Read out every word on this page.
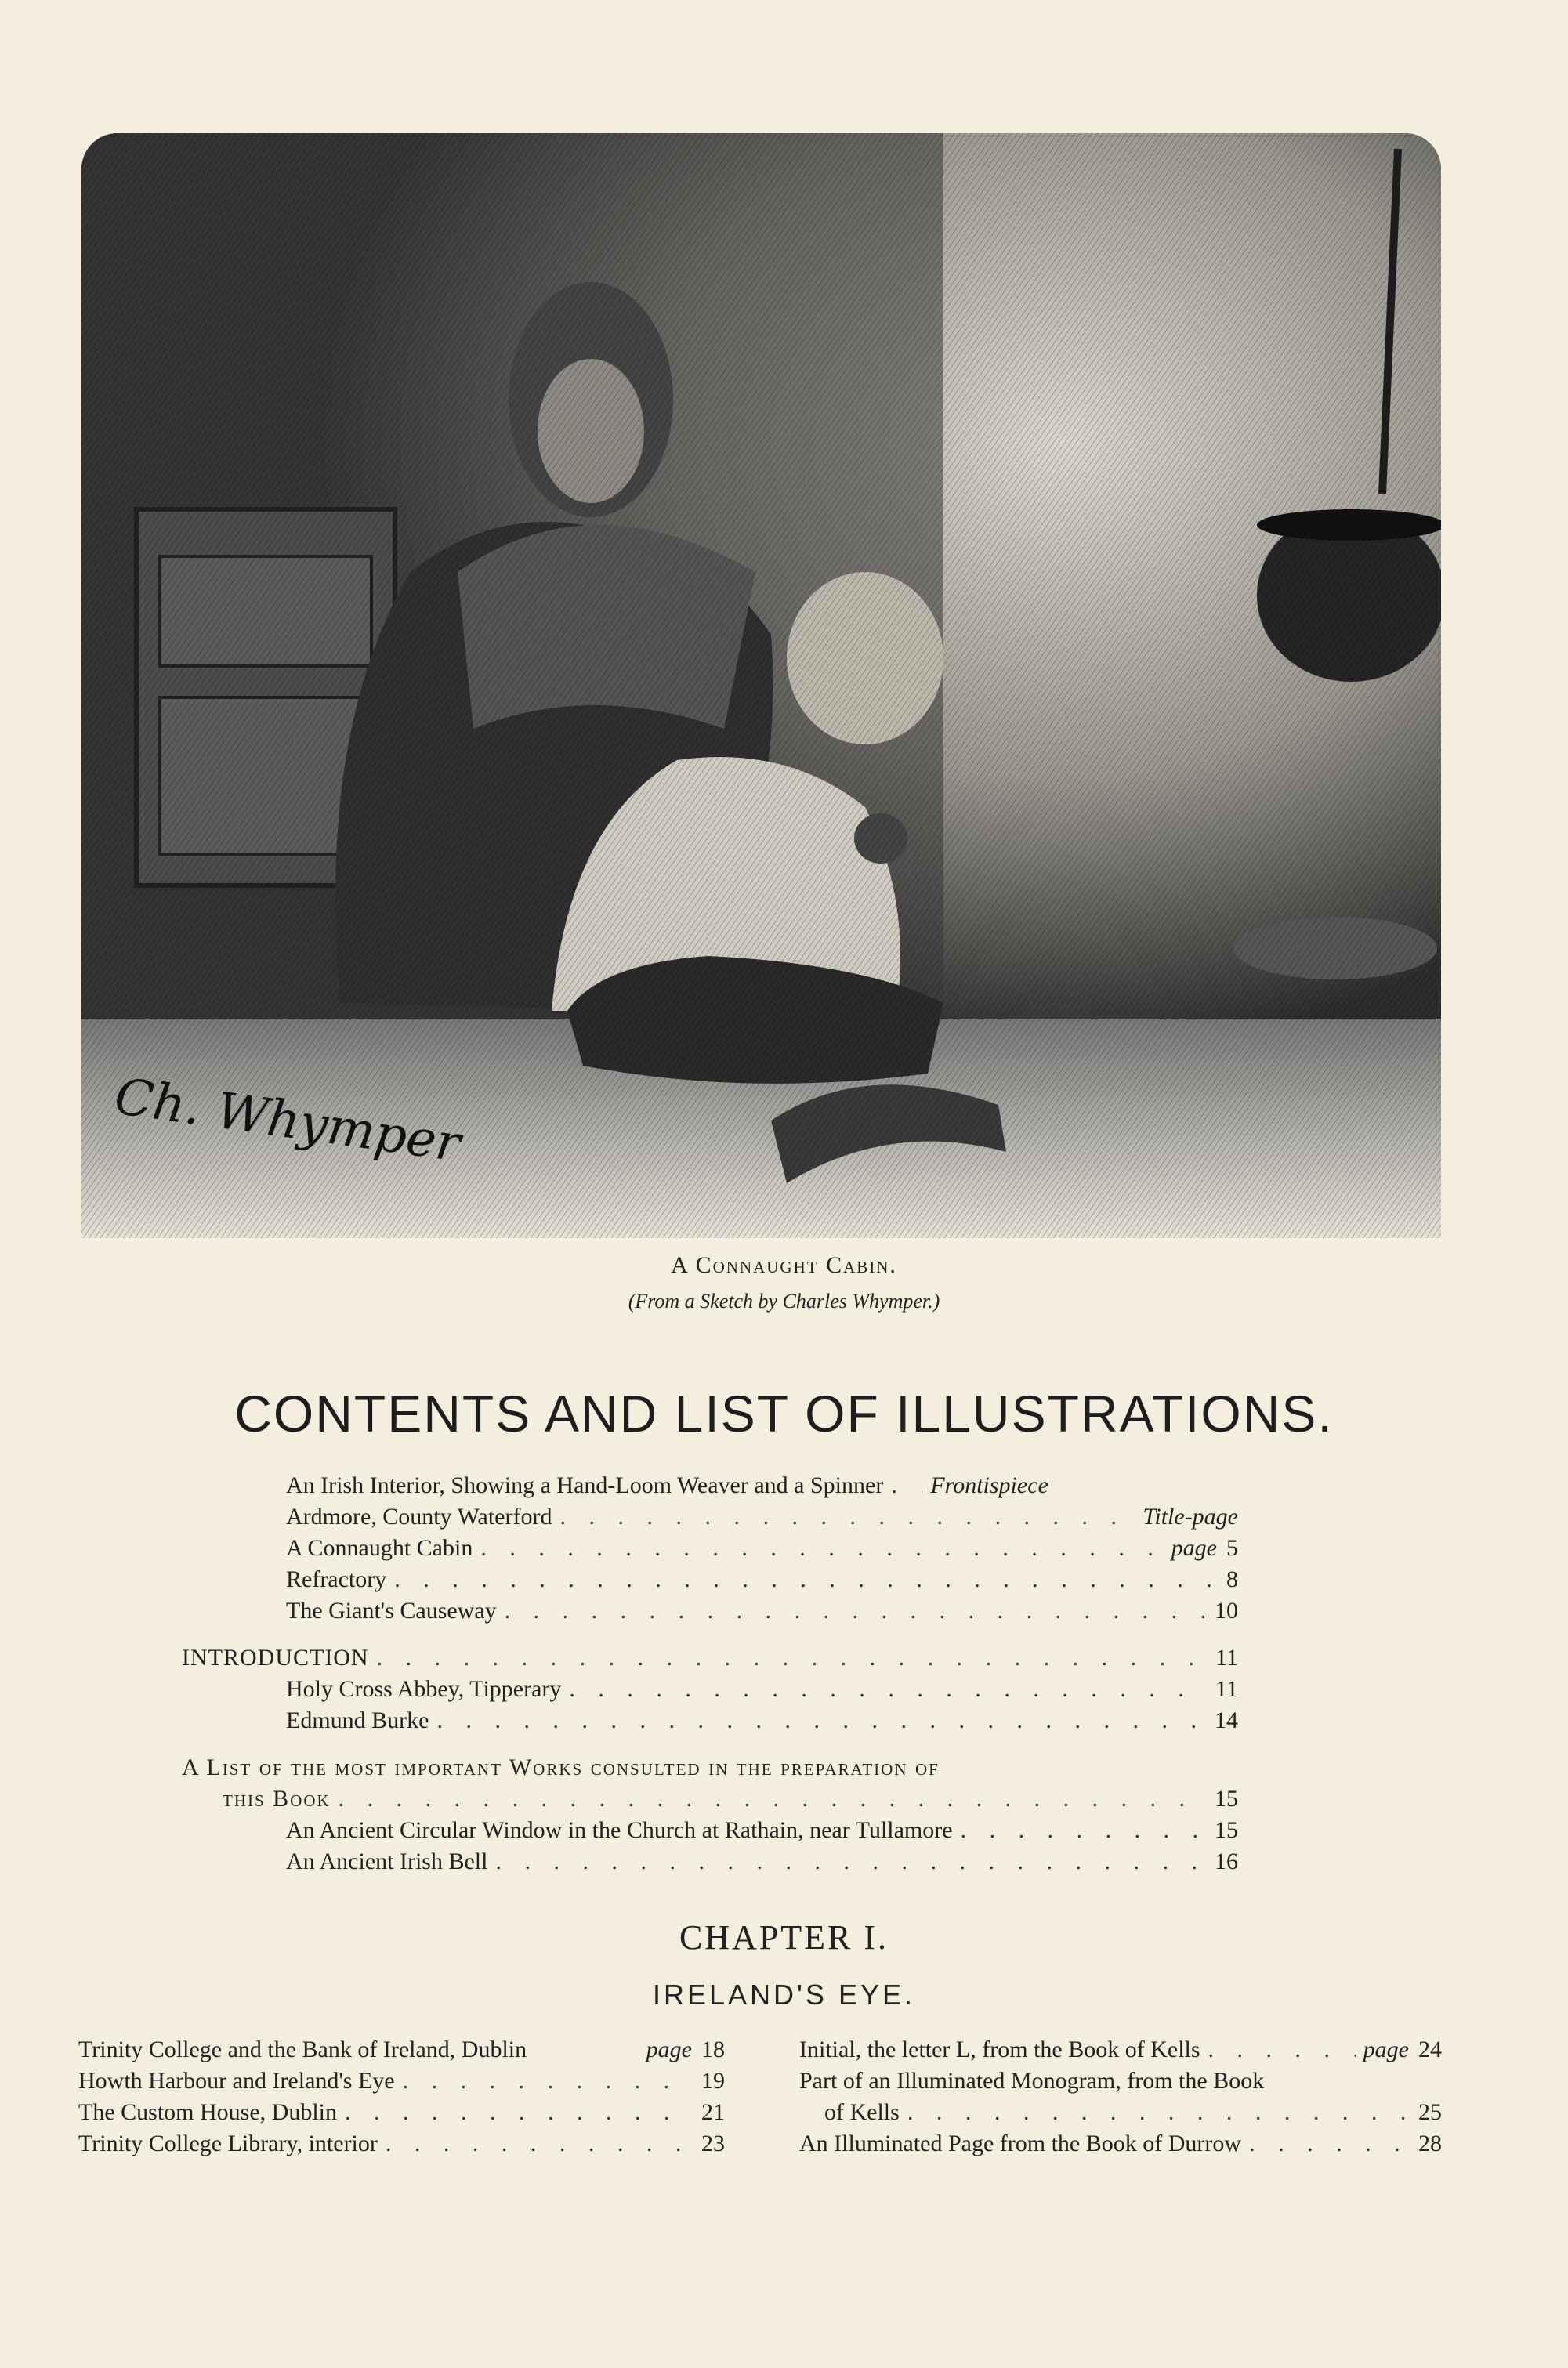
Ch. Whymper
A Connaught Cabin.
(From a Sketch by Charles Whymper.)
CONTENTS AND LIST OF ILLUSTRATIONS.
An Irish Interior, Showing a Hand-Loom Weaver and a Spinner . . . Frontispiece
Ardmore, County Waterford . . .	Title-page
A Connaught Cabin . . .	page 5
Refractory . . .	8
The Giant's Causeway . . .	10
INTRODUCTION . . .	11
Holy Cross Abbey, Tipperary . . .	11
Edmund Burke . . .	14
A List of the most important Works consulted in the preparation of
this Book . . .	15
An Ancient Circular Window in the Church at Rathain, near Tullamore . . .	15
An Ancient Irish Bell . . .	16
CHAPTER I.
IRELAND'S EYE.
Trinity College and the Bank of Ireland, Dublin	page 18
Howth Harbour and Ireland's Eye . . .	19
The Custom House, Dublin . . .	21
Trinity College Library, interior . . .	23
Initial, the letter L, from the Book of Kells . . .	page 24
Part of an Illuminated Monogram, from the Book
of Kells . . .	25
An Illuminated Page from the Book of Durrow . . .	28
